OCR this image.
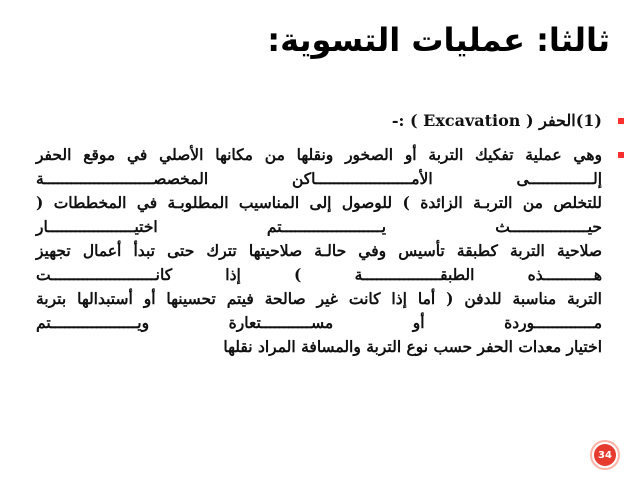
ثالثا: عمليات التسوية:
(1)الحفر ( Excavation ) :-
وهي عملية تفكيك التربة أو الصخور ونقلها من مكانها الأصلي في موقع الحفر
إلــــــــــــــى الأمـــــــــــــــــــــاكن المخصصــــــــــــــــــــــــة
للتخلص من التربـة الزائدة ) للوصول إلى المناسيب المطلوبـة في المخططات (
حيـــــــــــــــــث يــــــــــــــــــــــتم اختيـــــــــــــــــــار
صلاحية التربة كطبقة تأسيس وفي حالـة صلاحيتها تترك حتى تبدأ أعمال تجهيز
هـــــــــــذه الطبقـــــــــــــــــة ) إذا كانـــــــــــــــــــــــت
التربة مناسبة للدفن ( أما إذا كانت غير صالحة فيتم تحسينها أو أستبدالها بتربة
مـــــــــــــوردة أو مســـــــــــتعارة ويـــــــــــــــــــتم
اختيار معدات الحفر حسب نوع التربة والمسافة المراد نقلها
34
